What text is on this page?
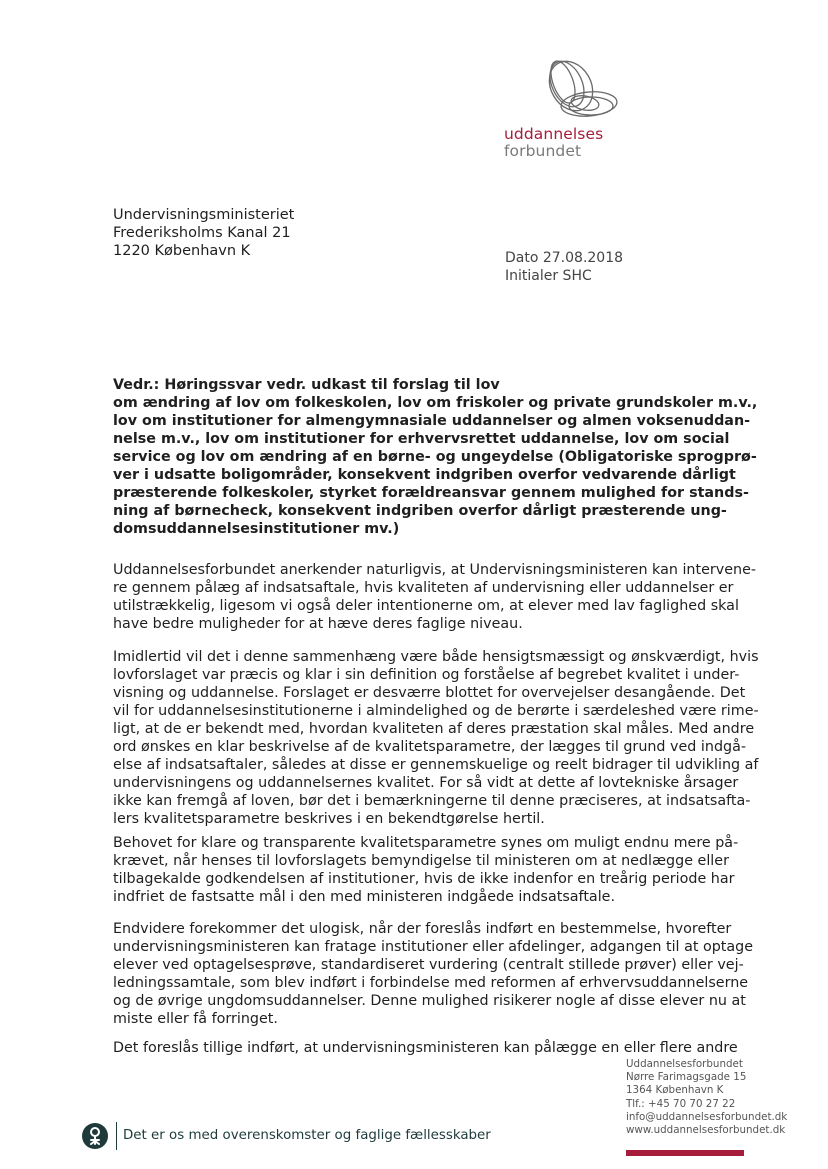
uddannelses
forbundet
Undervisningsministeriet
Frederiksholms Kanal 21
1220 København K	Dato 27.08.2018
Initialer SHC
Vedr.: Høringssvar vedr. udkast til forslag til lov
om ændring af lov om folkeskolen, lov om friskoler og private grundskoler m.v.,
lov om institutioner for almengymnasiale uddannelser og almen voksenuddan-
nelse m.v., lov om institutioner for erhvervsrettet uddannelse, lov om social
service og lov om ændring af en børne- og ungeydelse (Obligatoriske sprogprø-
ver i udsatte boligområder, konsekvent indgriben overfor vedvarende dårligt
præsterende folkeskoler, styrket forældreansvar gennem mulighed for stands-
ning af børnecheck, konsekvent indgriben overfor dårligt præsterende ung-
domsuddannelsesinstitutioner mv.)
Uddannelsesforbundet anerkender naturligvis, at Undervisningsministeren kan intervene-
re gennem pålæg af indsatsaftale, hvis kvaliteten af undervisning eller uddannelser er
utilstrækkelig, ligesom vi også deler intentionerne om, at elever med lav faglighed skal
have bedre muligheder for at hæve deres faglige niveau.
Imidlertid vil det i denne sammenhæng være både hensigtsmæssigt og ønskværdigt, hvis
lovforslaget var præcis og klar i sin definition og forståelse af begrebet kvalitet i under-
visning og uddannelse. Forslaget er desværre blottet for overvejelser desangående. Det
vil for uddannelsesinstitutionerne i almindelighed og de berørte i særdeleshed være rime-
ligt, at de er bekendt med, hvordan kvaliteten af deres præstation skal måles. Med andre
ord ønskes en klar beskrivelse af de kvalitetsparametre, der lægges til grund ved indgå-
else af indsatsaftaler, således at disse er gennemskuelige og reelt bidrager til udvikling af
undervisningens og uddannelsernes kvalitet. For så vidt at dette af lovtekniske årsager
ikke kan fremgå af loven, bør det i bemærkningerne til denne præciseres, at indsatsafta-
lers kvalitetsparametre beskrives i en bekendtgørelse hertil.
Behovet for klare og transparente kvalitetsparametre synes om muligt endnu mere på-
krævet, når henses til lovforslagets bemyndigelse til ministeren om at nedlægge eller
tilbagekalde godkendelsen af institutioner, hvis de ikke indenfor en treårig periode har
indfriet de fastsatte mål i den med ministeren indgåede indsatsaftale.
Endvidere forekommer det ulogisk, når der foreslås indført en bestemmelse, hvorefter
undervisningsministeren kan fratage institutioner eller afdelinger, adgangen til at optage
elever ved optagelsesprøve, standardiseret vurdering (centralt stillede prøver) eller vej-
ledningssamtale, som blev indført i forbindelse med reformen af erhvervsuddannelserne
og de øvrige ungdomsuddannelser. Denne mulighed risikerer nogle af disse elever nu at
miste eller få forringet.
Det foreslås tillige indført, at undervisningsministeren kan pålægge en eller flere andre
Uddannelsesforbundet
Nørre Farimagsgade 15
1364 København K
Tlf.: +45 70 70 27 22
info@uddannelsesforbundet.dk
www.uddannelsesforbundet.dk
Det er os med overenskomster og faglige fællesskaber
